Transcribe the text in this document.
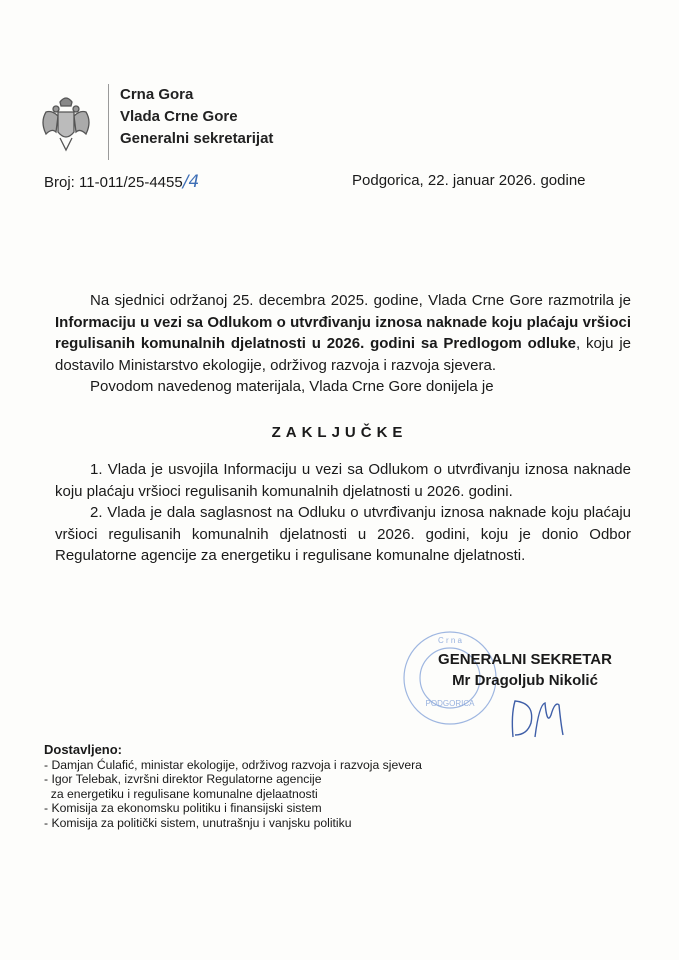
Crna Gora
Vlada Crne Gore
Generalni sekretarijat
Broj: 11-011/25-4455/4	Podgorica, 22. januar 2026. godine
Na sjednici održanoj 25. decembra 2025. godine, Vlada Crne Gore razmotrila je Informaciju u vezi sa Odlukom o utvrđivanju iznosa naknade koju plaćaju vršioci regulisanih komunalnih djelatnosti u 2026. godini sa Predlogom odluke, koju je dostavilo Ministarstvo ekologije, održivog razvoja i razvoja sjevera.
Povodom navedenog materijala, Vlada Crne Gore donijela je
ZAKLJUČKE
1. Vlada je usvojila Informaciju u vezi sa Odlukom o utvrđivanju iznosa naknade koju plaćaju vršioci regulisanih komunalnih djelatnosti u 2026. godini.
2. Vlada je dala saglasnost na Odluku o utvrđivanju iznosa naknade koju plaćaju vršioci regulisanih komunalnih djelatnosti u 2026. godini, koju je donio Odbor Regulatorne agencije za energetiku i regulisane komunalne djelatnosti.
PODGORICA
C r n a
GENERALNI SEKRETAR
Mr Dragoljub Nikolić
Dostavljeno:
- Damjan Ćulafić, ministar ekologije, održivog razvoja i razvoja sjevera
- Igor Telebak, izvršni direktor Regulatorne agencije
za energetiku i regulisane komunalne djelaatnosti
- Komisija za ekonomsku politiku i finansijski sistem
- Komisija za politički sistem, unutrašnju i vanjsku politiku
